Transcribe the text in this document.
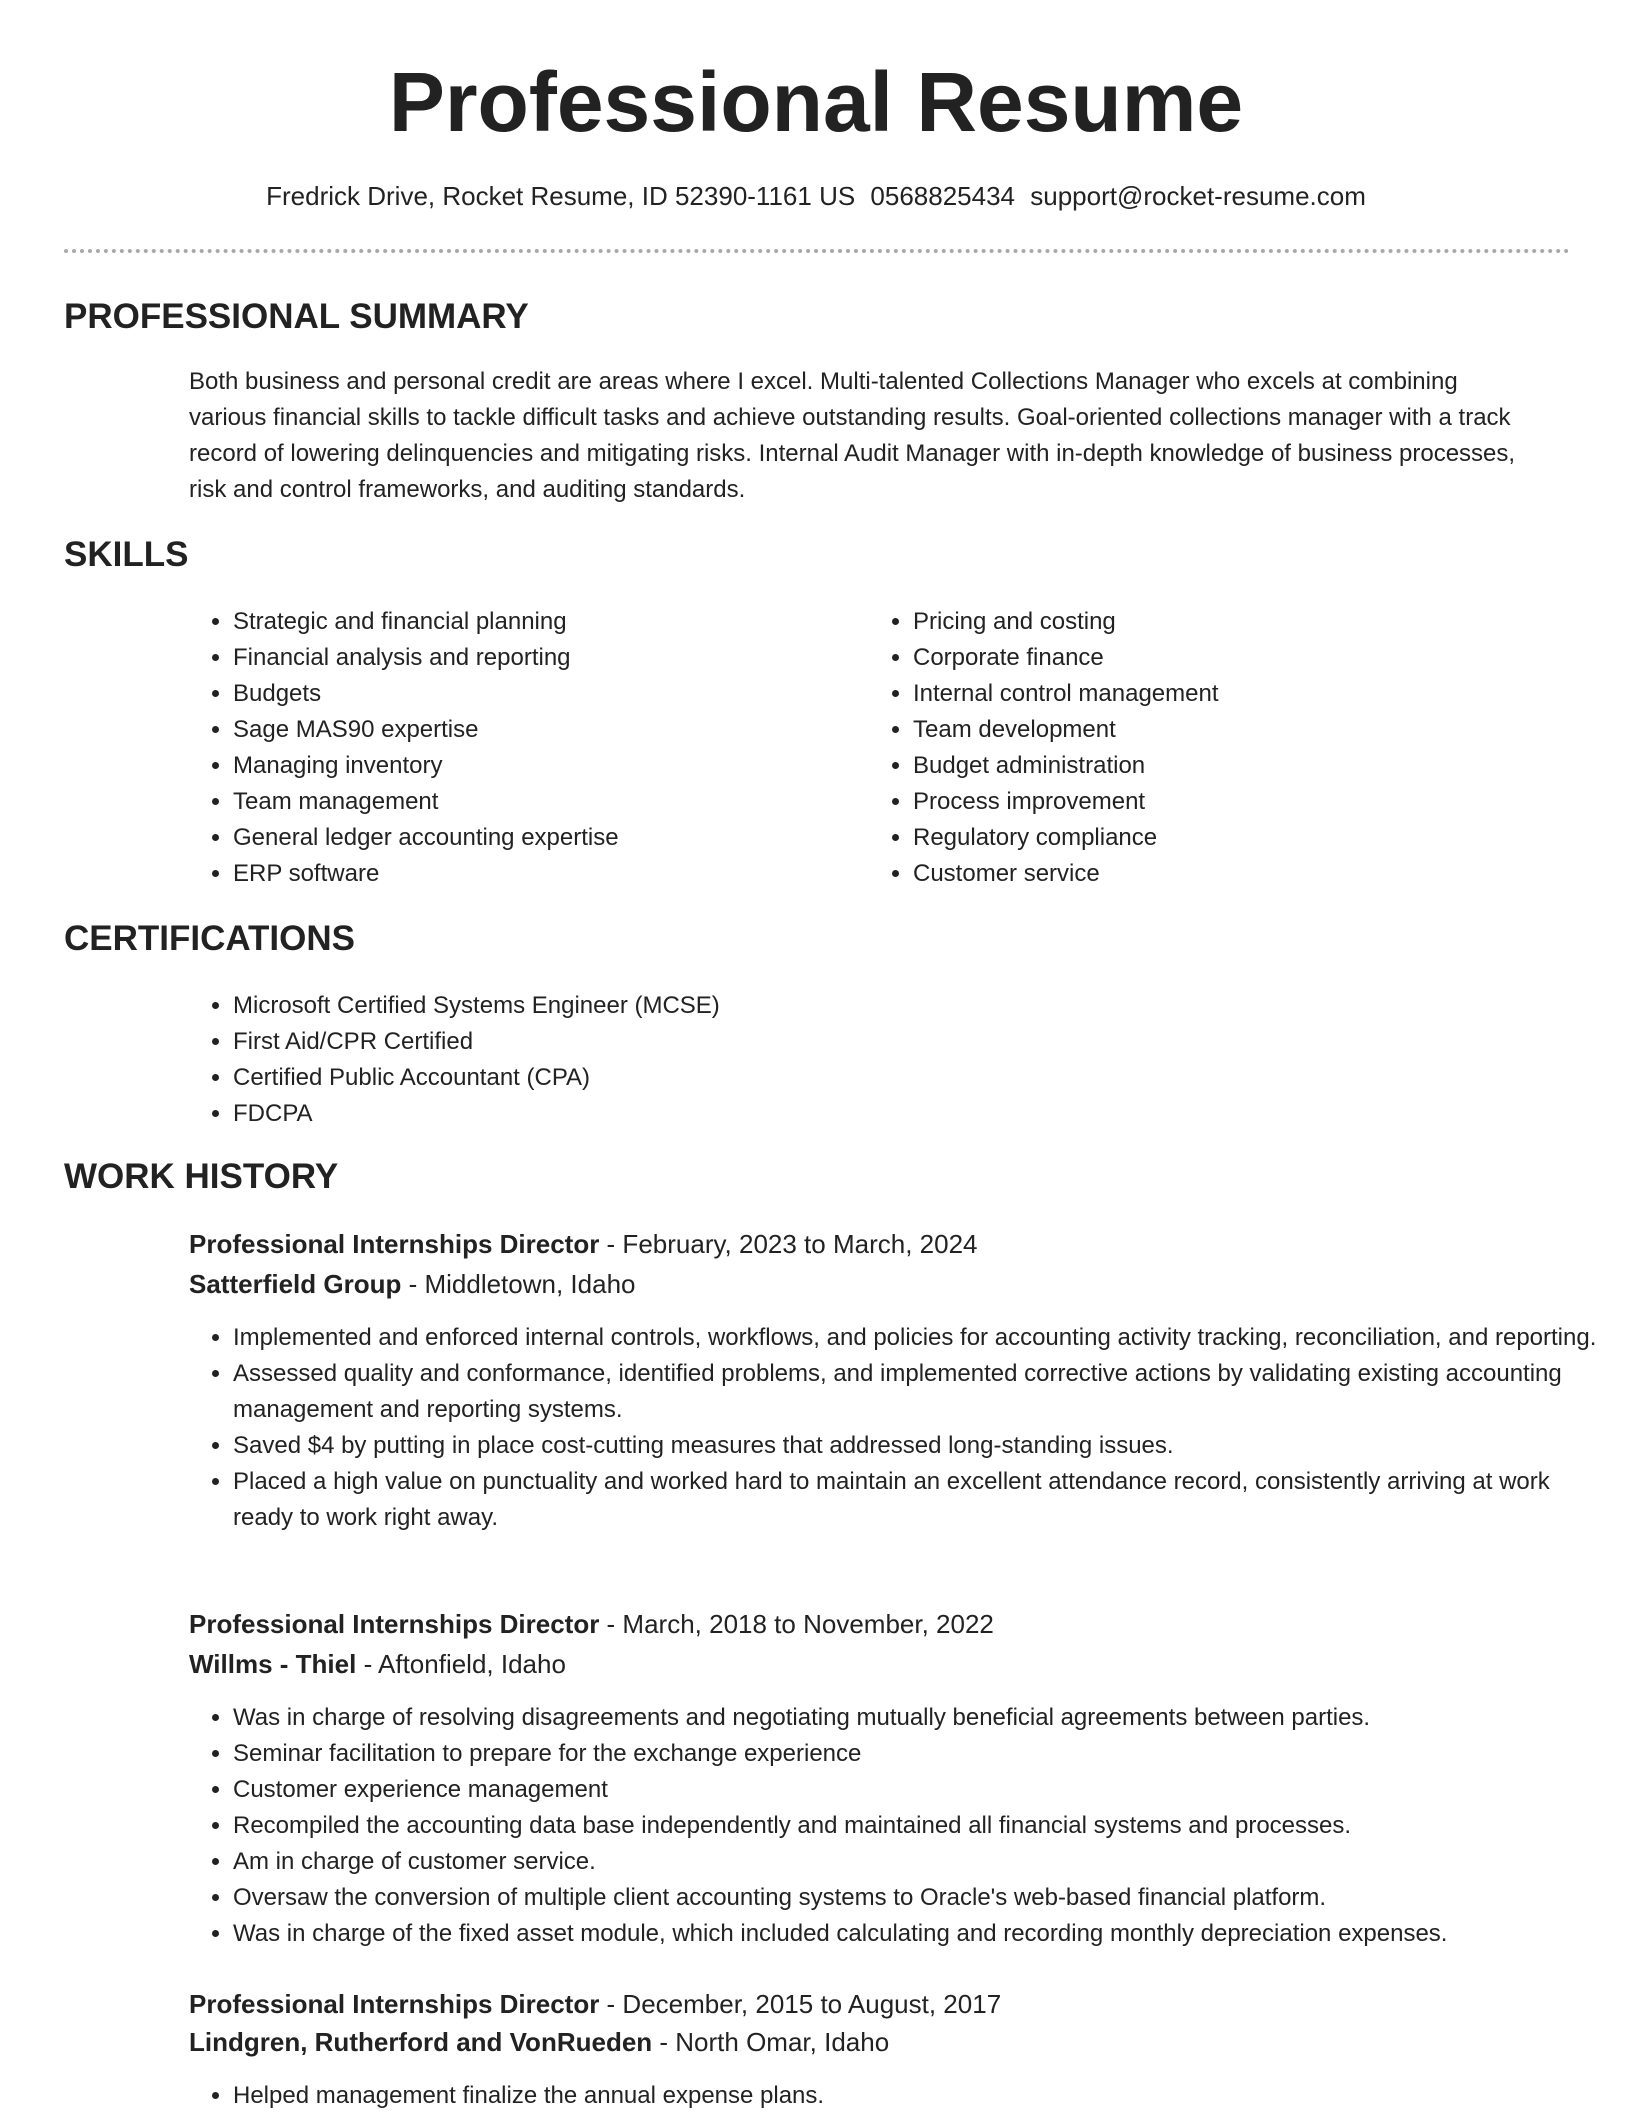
Professional Resume
Fredrick Drive, Rocket Resume, ID 52390-1161 US 0568825434 support@rocket-resume.com
PROFESSIONAL SUMMARY

Both business and personal credit are areas where I excel. Multi-talented Collections Manager who excels at combining various financial skills to tackle difficult tasks and achieve outstanding results. Goal-oriented collections manager with a track record of lowering delinquencies and mitigating risks. Internal Audit Manager with in-depth knowledge of business processes, risk and control frameworks, and auditing standards.

SKILLS
• Strategic and financial planning
• Financial analysis and reporting
• Budgets
• Sage MAS90 expertise
• Managing inventory
• Team management
• General ledger accounting expertise
• ERP software
• Pricing and costing
• Corporate finance
• Internal control management
• Team development
• Budget administration
• Process improvement
• Regulatory compliance
• Customer service
CERTIFICATIONS
• Microsoft Certified Systems Engineer (MCSE)
• First Aid/CPR Certified
• Certified Public Accountant (CPA)
• FDCPA
WORK HISTORY
Professional Internships Director - February, 2023 to March, 2024
Satterfield Group - Middletown, Idaho
• Implemented and enforced internal controls, workflows, and policies for accounting activity tracking, reconciliation, and reporting.
• Assessed quality and conformance, identified problems, and implemented corrective actions by validating existing accounting management and reporting systems.
• Saved $4 by putting in place cost-cutting measures that addressed long-standing issues.
• Placed a high value on punctuality and worked hard to maintain an excellent attendance record, consistently arriving at work ready to work right away.
Professional Internships Director - March, 2018 to November, 2022
Willms - Thiel - Aftonfield, Idaho
• Was in charge of resolving disagreements and negotiating mutually beneficial agreements between parties.
• Seminar facilitation to prepare for the exchange experience
• Customer experience management
• Recompiled the accounting data base independently and maintained all financial systems and processes.
• Am in charge of customer service.
• Oversaw the conversion of multiple client accounting systems to Oracle's web-based financial platform.
• Was in charge of the fixed asset module, which included calculating and recording monthly depreciation expenses.
Professional Internships Director - December, 2015 to August, 2017
Lindgren, Rutherford and VonRueden - North Omar, Idaho
• Helped management finalize the annual expense plans.
